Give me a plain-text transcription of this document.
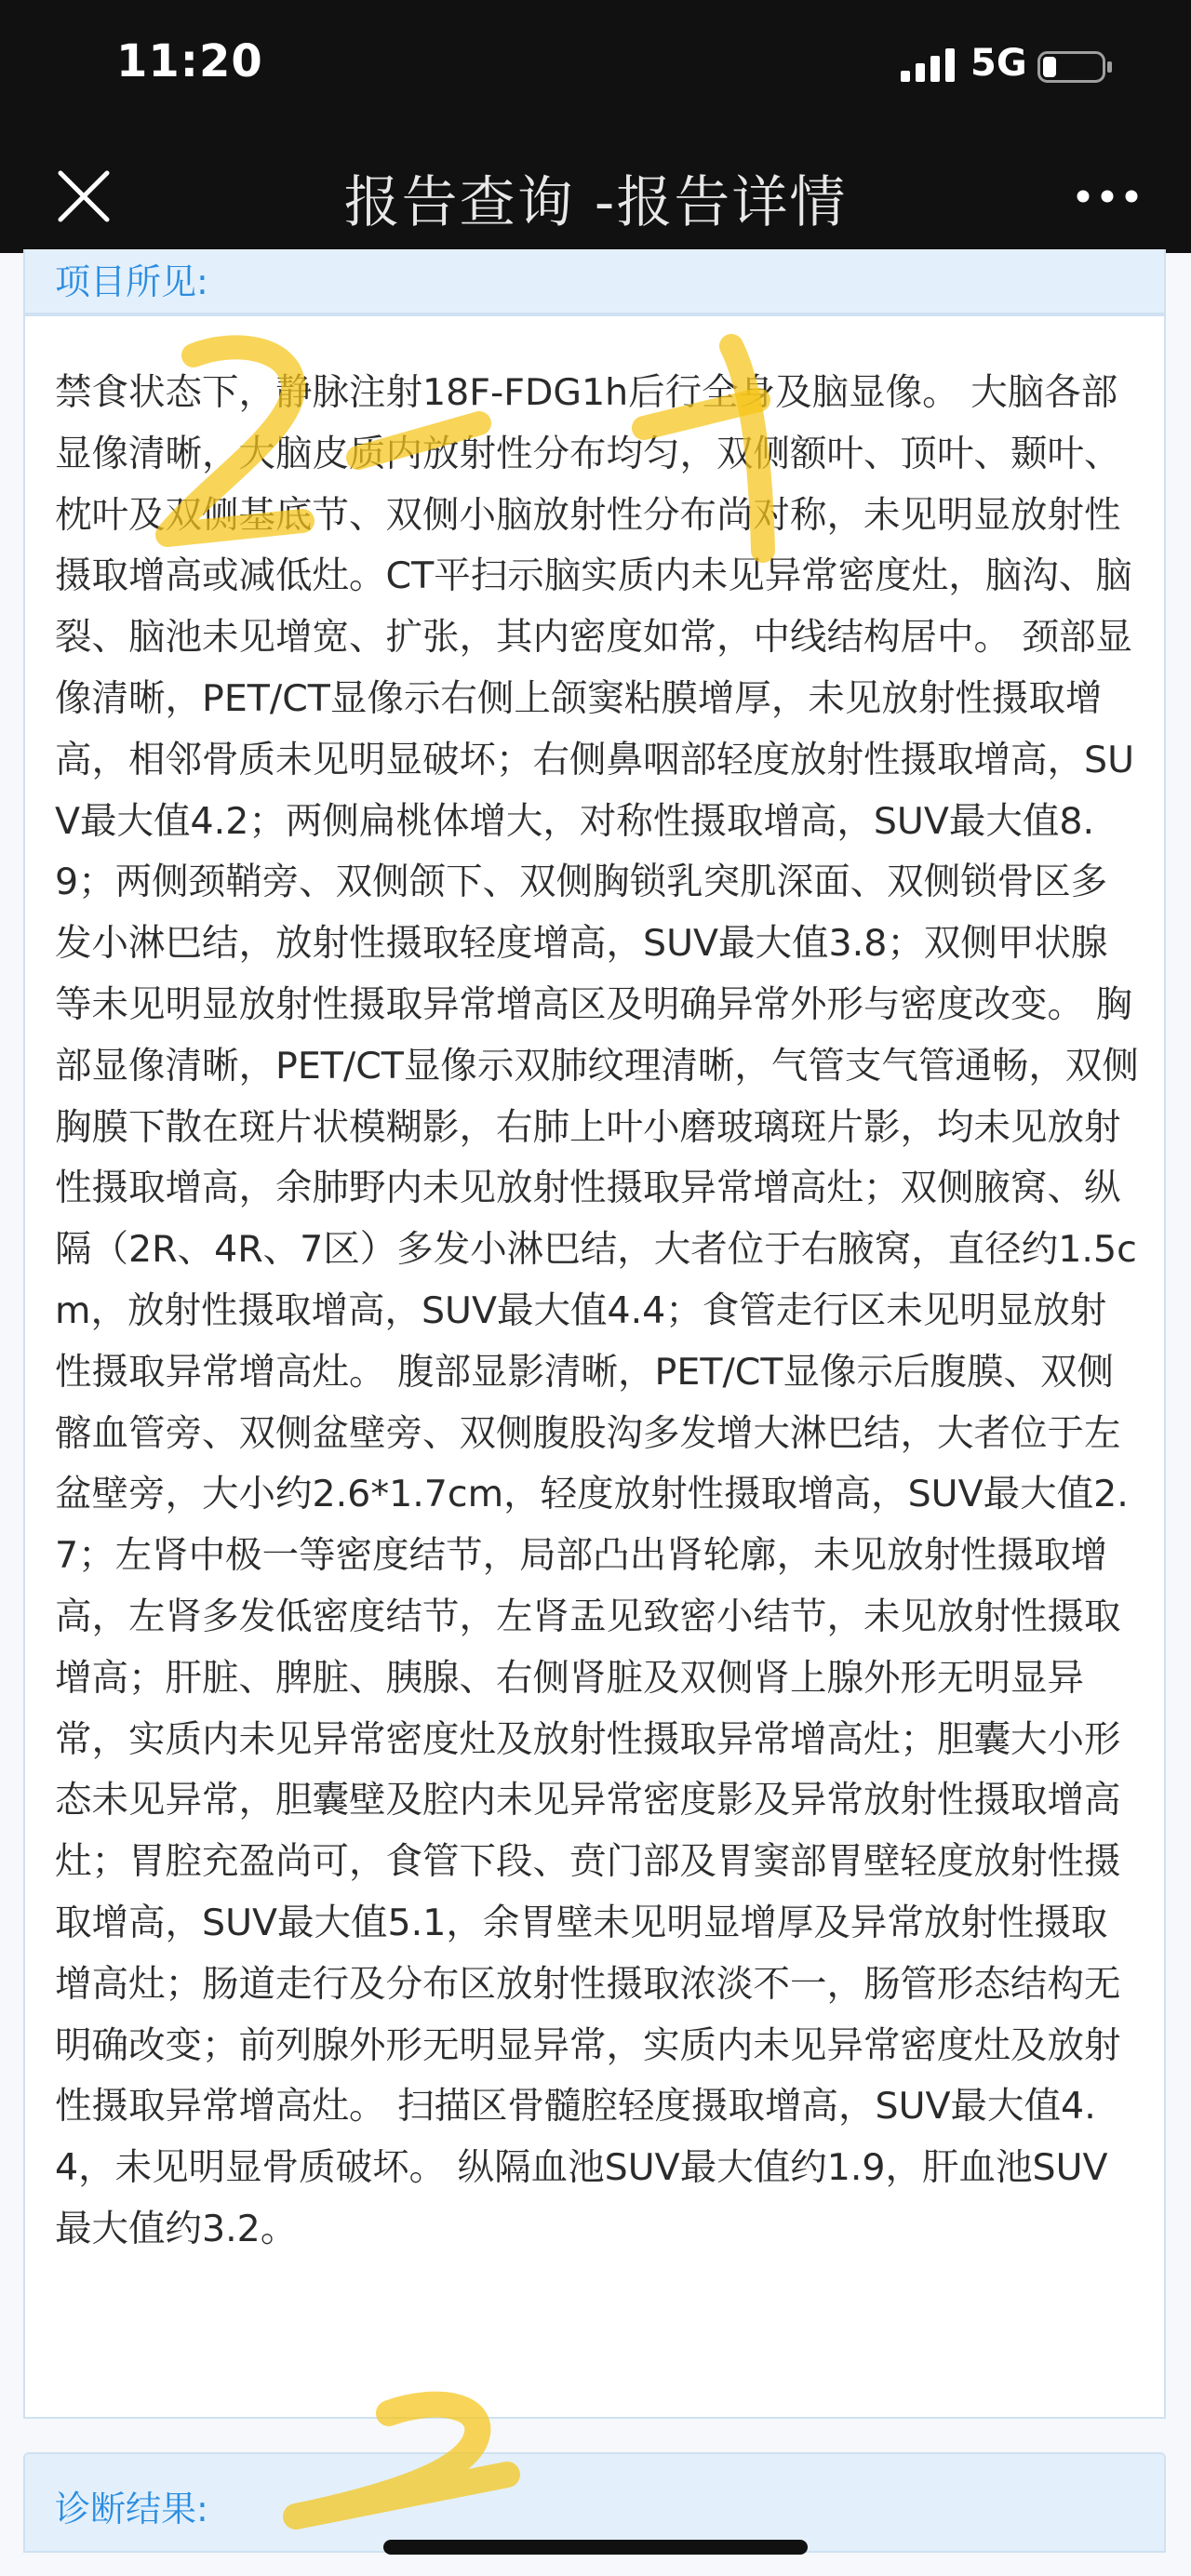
11:20	5G
报告查询 -报告详情
项目所见:
禁食状态下，静脉注射18F-FDG1h后行全身及脑显像。 大脑各部显像清晰，大脑皮质内放射性分布均匀，双侧额叶、顶叶、颞叶、枕叶及双侧基底节、双侧小脑放射性分布尚对称，未见明显放射性摄取增高或减低灶。CT平扫示脑实质内未见异常密度灶，脑沟、脑裂、脑池未见增宽、扩张，其内密度如常，中线结构居中。 颈部显像清晰，PET/CT显像示右侧上颌窦粘膜增厚，未见放射性摄取增高，相邻骨质未见明显破坏；右侧鼻咽部轻度放射性摄取增高，SUV最大值4.2；两侧扁桃体增大，对称性摄取增高，SUV最大值8.9；两侧颈鞘旁、双侧颌下、双侧胸锁乳突肌深面、双侧锁骨区多发小淋巴结，放射性摄取轻度增高，SUV最大值3.8；双侧甲状腺等未见明显放射性摄取异常增高区及明确异常外形与密度改变。 胸部显像清晰，PET/CT显像示双肺纹理清晰，气管支气管通畅，双侧胸膜下散在斑片状模糊影，右肺上叶小磨玻璃斑片影，均未见放射性摄取增高，余肺野内未见放射性摄取异常增高灶；双侧腋窝、纵隔（2R、4R、7区）多发小淋巴结，大者位于右腋窝，直径约1.5cm，放射性摄取增高，SUV最大值4.4；食管走行区未见明显放射性摄取异常增高灶。 腹部显影清晰，PET/CT显像示后腹膜、双侧髂血管旁、双侧盆壁旁、双侧腹股沟多发增大淋巴结，大者位于左盆壁旁，大小约2.6*1.7cm，轻度放射性摄取增高，SUV最大值2.7；左肾中极一等密度结节，局部凸出肾轮廓，未见放射性摄取增高，左肾多发低密度结节，左肾盂见致密小结节，未见放射性摄取增高；肝脏、脾脏、胰腺、右侧肾脏及双侧肾上腺外形无明显异常，实质内未见异常密度灶及放射性摄取异常增高灶；胆囊大小形态未见异常，胆囊壁及腔内未见异常密度影及异常放射性摄取增高灶；胃腔充盈尚可，食管下段、贲门部及胃窦部胃壁轻度放射性摄取增高，SUV最大值5.1，余胃壁未见明显增厚及异常放射性摄取增高灶；肠道走行及分布区放射性摄取浓淡不一，肠管形态结构无明确改变；前列腺外形无明显异常，实质内未见异常密度灶及放射性摄取异常增高灶。 扫描区骨髓腔轻度摄取增高，SUV最大值4.4，未见明显骨质破坏。 纵隔血池SUV最大值约1.9，肝血池SUV最大值约3.2。
诊断结果:
